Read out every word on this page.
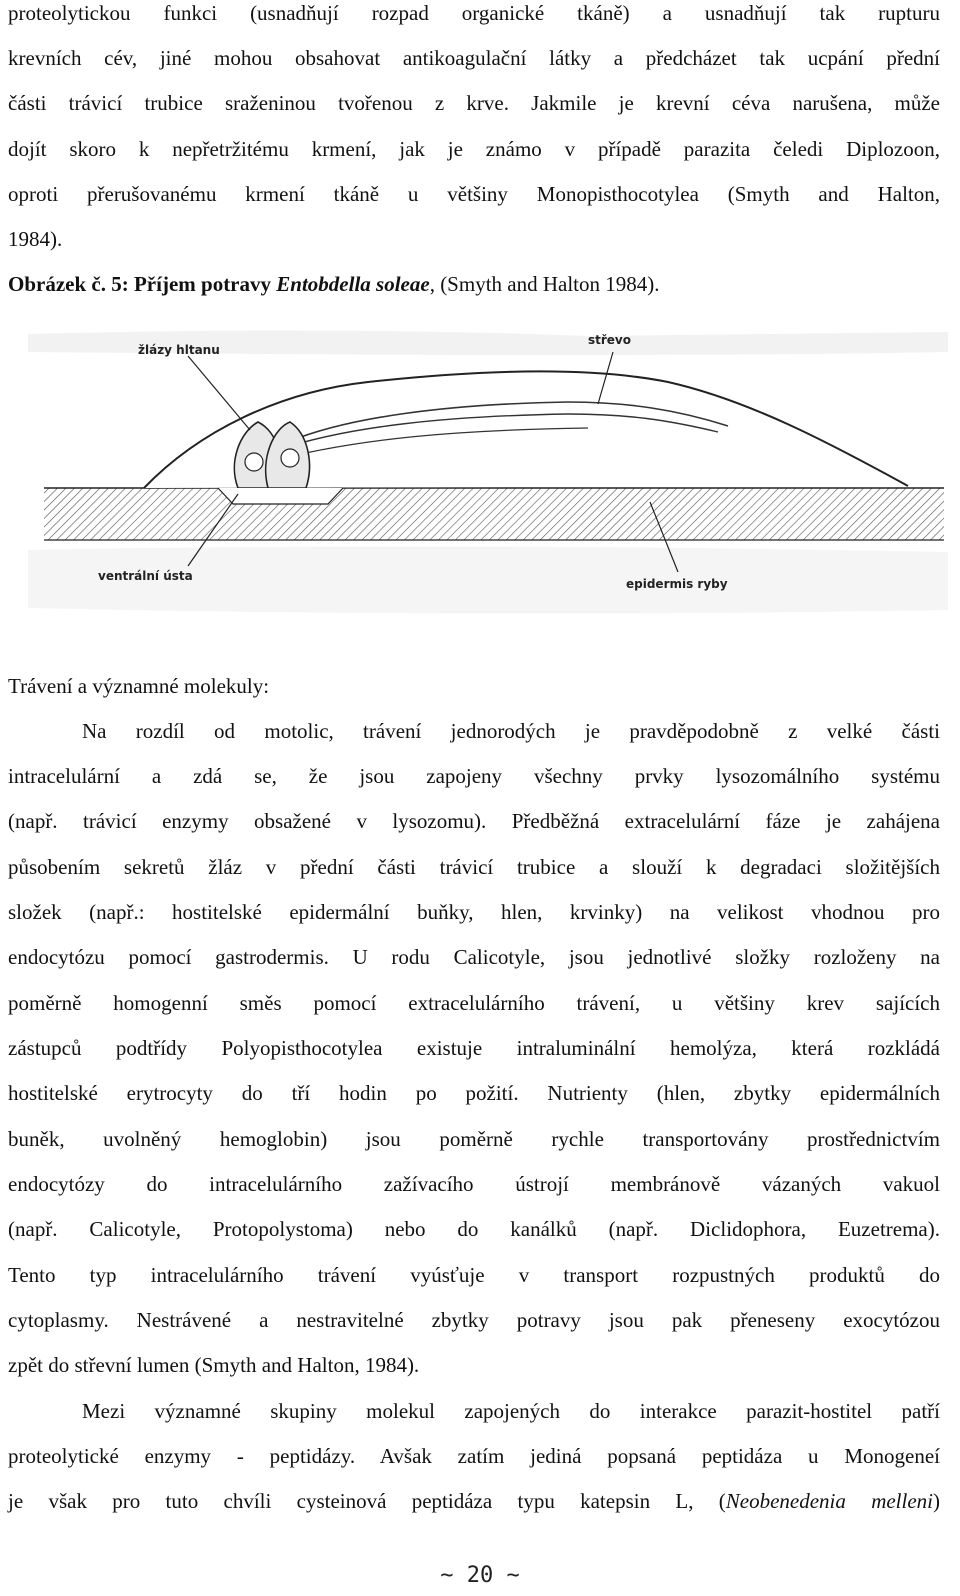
proteolytickou funkci (usnadňují rozpad organické tkáně) a usnadňují tak rupturu
krevních cév, jiné mohou obsahovat antikoagulační látky a předcházet tak ucpání přední
části trávicí trubice sraženinou tvořenou z krve. Jakmile je krevní céva narušena, může
dojít skoro k nepřetržitému krmení, jak je známo v případě parazita čeledi Diplozoon,
oproti přerušovanému krmení tkáně u většiny Monopisthocotylea (Smyth and Halton,
1984).
Obrázek č. 5: Příjem potravy Entobdella soleae, (Smyth and Halton 1984).
žlázy hltanu
střevo
ventrální ústa
epidermis ryby
Trávení a významné molekuly:
Na rozdíl od motolic, trávení jednorodých je pravděpodobně z velké části
intracelulární a zdá se, že jsou zapojeny všechny prvky lysozomálního systému
(např. trávicí enzymy obsažené v lysozomu). Předběžná extracelulární fáze je zahájena
působením sekretů žláz v přední části trávicí trubice a slouží k degradaci složitějších
složek (např.: hostitelské epidermální buňky, hlen, krvinky) na velikost vhodnou pro
endocytózu pomocí gastrodermis. U rodu Calicotyle, jsou jednotlivé složky rozloženy na
poměrně homogenní směs pomocí extracelulárního trávení, u většiny krev sajících
zástupců podtřídy Polyopisthocotylea existuje intraluminální hemolýza, která rozkládá
hostitelské erytrocyty do tří hodin po požití. Nutrienty (hlen, zbytky epidermálních
buněk, uvolněný hemoglobin) jsou poměrně rychle transportovány prostřednictvím
endocytózy do intracelulárního zažívacího ústrojí membránově vázaných vakuol
(např. Calicotyle, Protopolystoma) nebo do kanálků (např. Diclidophora, Euzetrema).
Tento typ intracelulárního trávení vyúsťuje v transport rozpustných produktů do
cytoplasmy. Nestrávené a nestravitelné zbytky potravy jsou pak přeneseny exocytózou
zpět do střevní lumen (Smyth and Halton, 1984).
Mezi významné skupiny molekul zapojených do interakce parazit-hostitel patří
proteolytické enzymy - peptidázy. Avšak zatím jediná popsaná peptidáza u Monogeneí
je však pro tuto chvíli cysteinová peptidáza typu katepsin L, (Neobenedenia melleni)
~ 20 ~
